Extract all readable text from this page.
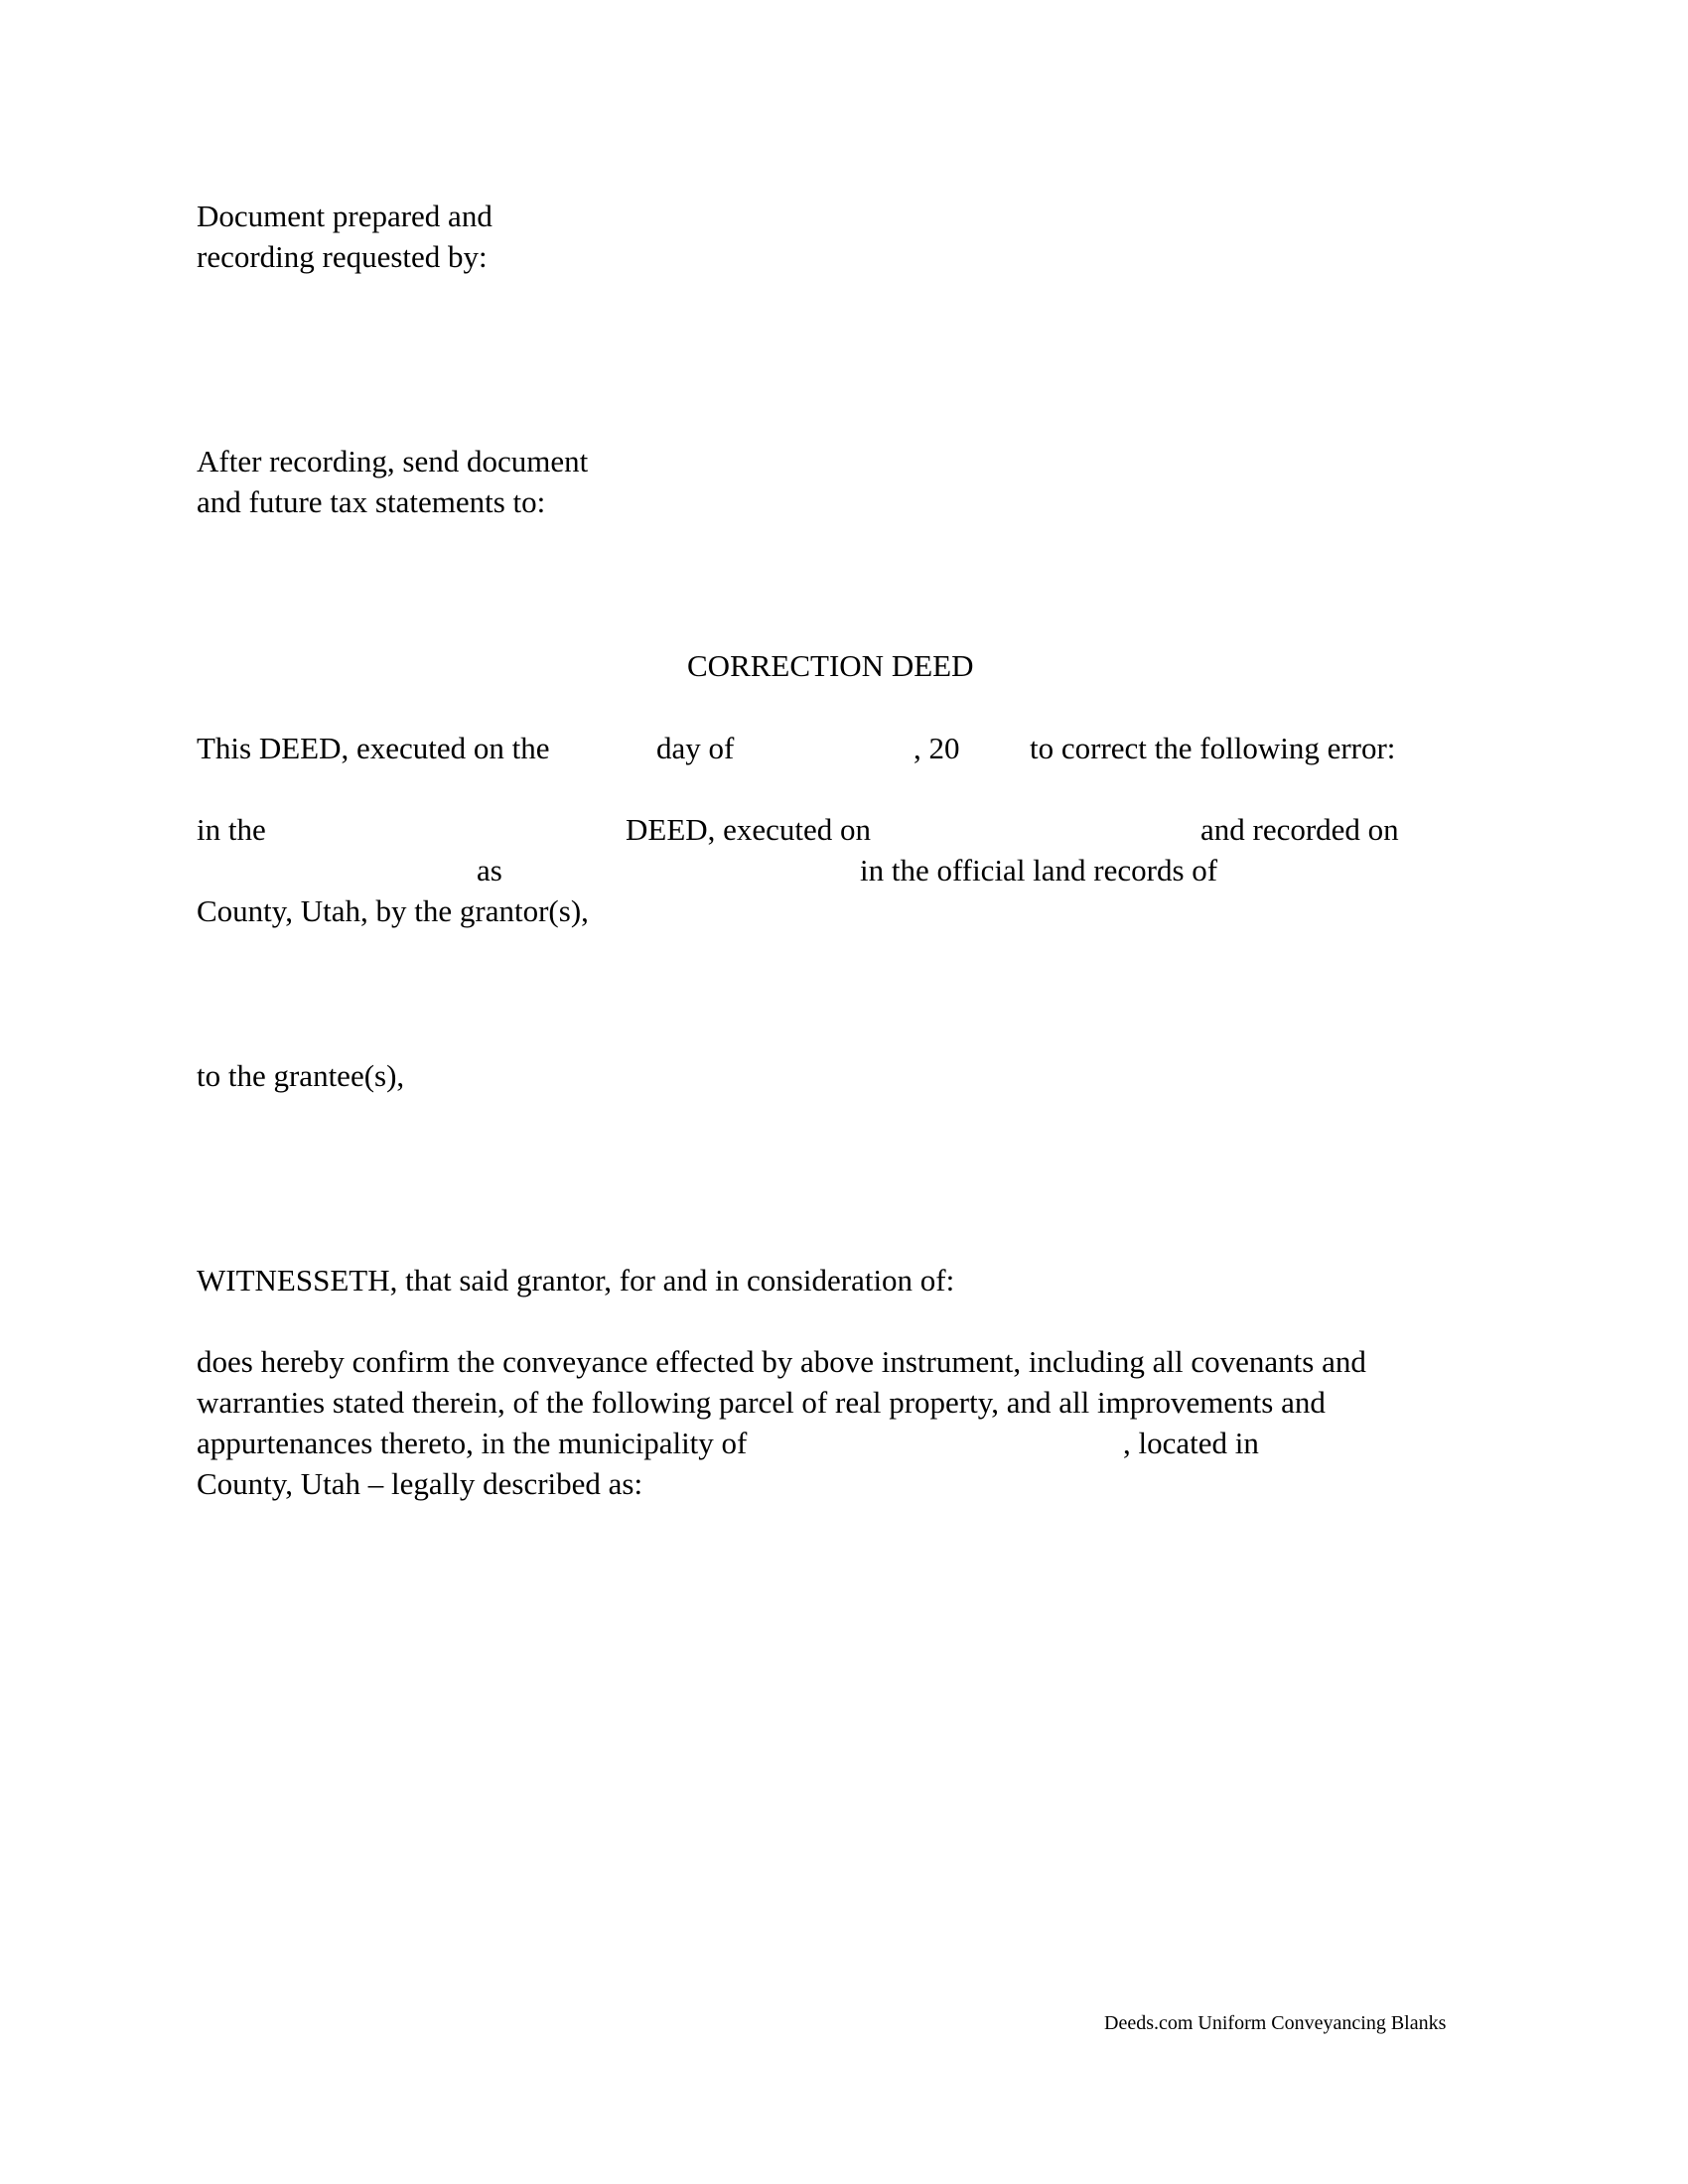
Document prepared and
recording requested by:
After recording, send document
and future tax statements to:
CORRECTION DEED
This DEED, executed on the	day of	, 20 to correct the following error:
in the	DEED, executed on	and recorded on
as	in the official land records of
County, Utah, by the grantor(s),
to the grantee(s),
WITNESSETH, that said grantor, for and in consideration of:
does hereby confirm the conveyance effected by above instrument, including all covenants and
warranties stated therein, of the following parcel of real property, and all improvements and
appurtenances thereto, in the municipality of	, located in
County, Utah – legally described as:
Deeds.com Uniform Conveyancing Blanks
